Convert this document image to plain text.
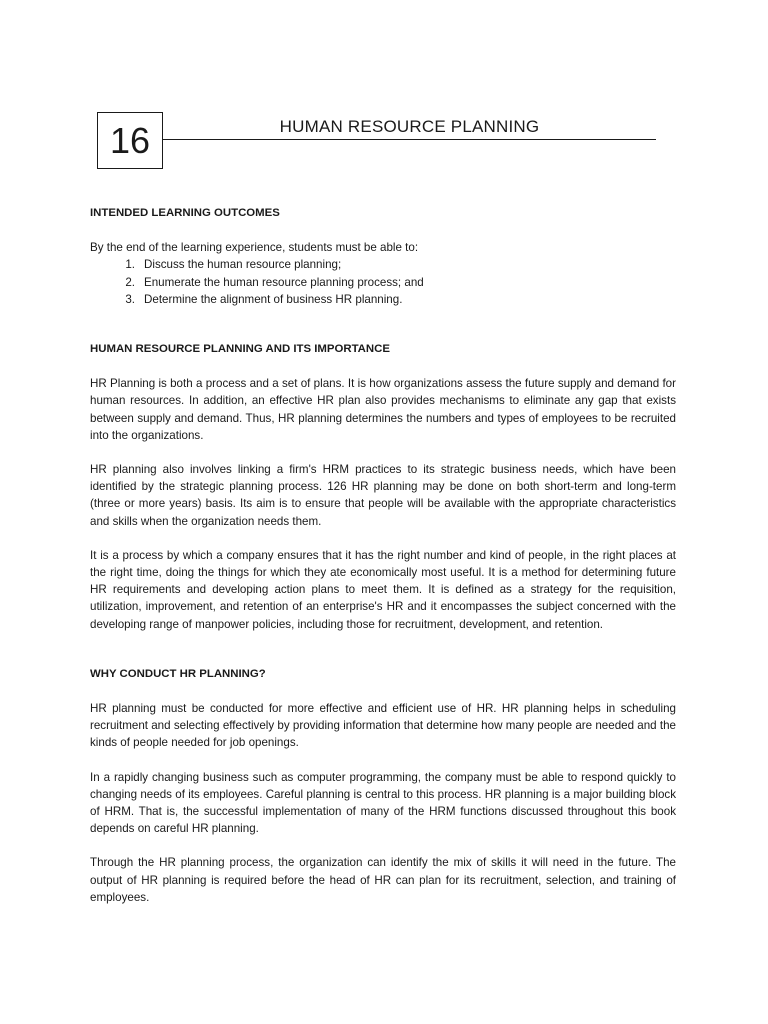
16	HUMAN RESOURCE PLANNING

INTENDED LEARNING OUTCOMES

By the end of the learning experience, students must be able to:

1. Discuss the human resource planning;
2. Enumerate the human resource planning process; and
3. Determine the alignment of business HR planning.

HUMAN RESOURCE PLANNING AND ITS IMPORTANCE

HR Planning is both a process and a set of plans. It is how organizations assess the future supply and demand for human resources. In addition, an effective HR plan also provides mechanisms to eliminate any gap that exists between supply and demand. Thus, HR planning determines the numbers and types of employees to be recruited into the organizations.

HR planning also involves linking a firm's HRM practices to its strategic business needs, which have been identified by the strategic planning process. 126 HR planning may be done on both short-term and long-term (three or more years) basis. Its aim is to ensure that people will be available with the appropriate characteristics and skills when the organization needs them.

It is a process by which a company ensures that it has the right number and kind of people, in the right places at the right time, doing the things for which they ate economically most useful. It is a method for determining future HR requirements and developing action plans to meet them. It is defined as a strategy for the requisition, utilization, improvement, and retention of an enterprise's HR and it encompasses the subject concerned with the developing range of manpower policies, including those for recruitment, development, and retention.

WHY CONDUCT HR PLANNING?

HR planning must be conducted for more effective and efficient use of HR. HR planning helps in scheduling recruitment and selecting effectively by providing information that determine how many people are needed and the kinds of people needed for job openings.

In a rapidly changing business such as computer programming, the company must be able to respond quickly to changing needs of its employees. Careful planning is central to this process. HR planning is a major building block of HRM. That is, the successful implementation of many of the HRM functions discussed throughout this book depends on careful HR planning.

Through the HR planning process, the organization can identify the mix of skills it will need in the future. The output of HR planning is required before the head of HR can plan for its recruitment, selection, and training of employees.
